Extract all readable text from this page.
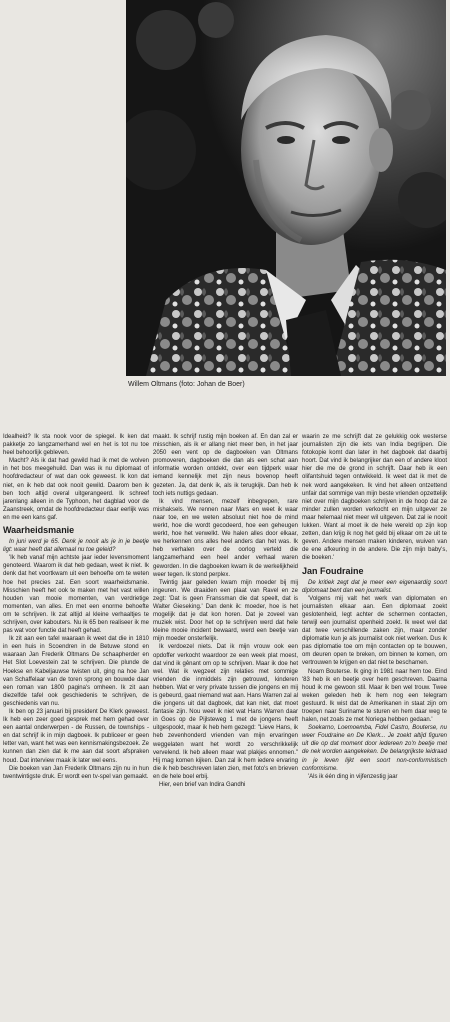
Willem Oltmans (foto: Johan de Boer)

Idealheid? Ik sta nook voor de spiegel. Ik ken dat pakketje zo langzamerhand wel en het is tot nu toe heel behoorlijk gebleven.

Macht? Als ik dat had gewild had ik met de wolven in het bos meegehuild. Dan was ik nu diplomaat of hoofdredacteur of wat dan ook geweest. Ik kon dat niet, en ik heb dat ook nooit gewild. Daarom ben ik ben toch altijd overal uitgerangeerd. Ik schreef jarenlang alleen in de Typhoon, het dagblad voor de Zaanstreek, omdat de hoofdredacteur daar eerlijk was en me een kans gaf.

Waarheidsmanie

In juni werd je 65. Denk je nooit als je in je beetje ligt: waar heeft dat allemaal nu toe geleid?

'Ik heb vanaf mijn achtste jaar ieder levensmoment genoteerd. Waarom ik dat heb gedaan, weet ik niet. Ik denk dat het voortkwam uit een behoefte om te weten hoe het precies zat. Een soort waarheidsmanie. Misschien heeft het ook te maken met het vast willen houden van mooie momenten, van verdrietige momenten, van alles. En met een enorme behoefte om te schrijven. Ik zat altijd al kleine verhaaltjes te schrijven, over kabouters. Nu ik 65 ben realiseer ik me pas wat voor functie dat heeft gehad.

Ik zit aan een tafel waaraan ik weet dat die in 1810 in een huis in Scoendren in de Betuwe stond en waaraan Jan Frederik Oltmans De schaapherder en Het Slot Loevestein zat te schrijven. Die plunde de Hoekse en Kabeljauwse twisten uit, ging na hoe Jan van Schaffelaar van de toren sprong en bouwde daar een roman van 1800 pagina's omheen. Ik zit aan diezelfde tafel ook geschiedenis te schrijven, de geschiedenis van nu.

Ik ben op 23 januari bij president De Klerk geweest. Ik heb een zeer goed gesprek met hem gehad over een aantal onderwerpen - de Russen, de townships - en dat schrijf ik in mijn dagboek. Ik publiceer er geen letter van, want het was een kennismakingsbezoek. Ze kunnen dan zien dat ik me aan dat soort afspraken houd. Dat interview maak ik later wel eens.

Die boeken van Jan Frederik Oltmans zijn nu in hun twentwintigste druk. Er wordt een tv-spel van gemaakt.

maakt. Ik schrijf rustig mijn boeken af. En dan zal er misschien, als ik er allang niet meer ben, in het jaar 2050 een vent op de dagboeken van Oltmans promoveren, dagboeken die dan als een schat aan informatie worden ontdekt, over een tijdperk waar iemand kennelijk met zijn neus bovenop heeft gezeten. Ja, dat denk ik, als ik terugkijk. Dan heb ik toch iets nuttigs gedaan.

Ik vind mensen, mezelf inbegrepen, rare mishaksels. We rennen naar Mars en weet ik waar naar toe, en we weten absoluut niet hoe de mind werkt, hoe die wordt gecodeerd, hoe een geheugen werkt, hoe het verwelkt. We halen alles door elkaar, we herkennen ons alles heel anders dan het was. Ik heb verhalen over de oorlog verteld die langzamerhand een heel ander verhaal waren geworden. In die dagboeken kwam ik de werkelijkheid weer tegen. Ik stond perplex.

Twintig jaar geleden kwam mijn moeder bij mij ingeuren. We draaiden een plaat van Ravel en ze zegt: 'Dat is geen Franssman die dat speelt, dat is Walter Gieseking.' Dan denk ik: moeder, hoe is het mogelijk dat je dat kon horen. Dat je zoveel van muziek wist. Door het op te schrijven werd dat hele kleine mooie incident bewaard, werd een beetje van mijn moeder onsterfelijk.

Ik verdoezel niets. Dat ik mijn vrouw ook een opdoffer verkocht waardoor ze een week plat moest, dat vind ik gênant om op te schrijven. Maar ik doe het wel. Wat ik wegzeet zijn relaties met sommige vrienden die inmiddels zijn getrouwd, kinderen hebben. Wat er very private tussen die jongens en mij is gebeurd, gaat niemand wat aan. Hans Warren zal al die jongens uit dat dagboek, dat kan niet, dat moet fantasie zijn. Nou weet ik niet wat Hans Warren daar in Goes op de Pijlsteweg 1 met de jongens heeft uitgespookt, maar ik heb hem gezegd: "Lieve Hans, ik heb zevenhonderd vrienden van mijn ervaringen weggelaten want het wordt zo verschrikkelijk vervelend. Ik heb alleen maar wat plakjes ennomen." Hij mag komen kijken. Dan zal ik hem iedere ervaring die ik heb beschreven laten zien, met foto's en brieven en de hele boel erbij.

Hier, een brief van Indira Gandhi

waarin ze me schrijft dat ze gelukkig ook westerse journalisten zijn die iets van India begrijpen. Die fotokopie komt dan later in het dagboek dat daarbij hoort. Dat vind ik belangrijker dan een of andere kloot hier die me de grond in schrijft. Daar heb ik een olifantshuid tegen ontwikkeld. Ik weet dat ik met de nek word aangekeken. Ik vind het alleen ontzettend unfair dat sommige van mijn beste vrienden opzettelijk niet over mijn dagboeken schrijven in de hoop dat ze minder zullen worden verkocht en mijn uitgever ze maar helemaal niet meer wil uitgeven. Dat zal ie nooit lukken. Want al moet ik de hele wereld op zijn kop zetten, dan krijg ik nog het geld bij elkaar om ze uit te geven. Andere mensen maken kinderen, wuiven van de ene afkeuring in de andere. Die zijn mijn baby's, die boeken.'

Jan Foudraine

De kritiek zegt dat je meer een eigenaardig soort diplomaat bent dan een journalist.

'Volgens mij valt het werk van diplomaten en journalisten elkaar aan. Een diplomaat zoekt geslotenheid, legt achter de schermen contacten, terwijl een journalist openheid zoekt. Ik weet wel dat dat twee verschillende zaken zijn, maar zonder diplomatie kun je als journalist ook niet werken. Dus ik pas diplomatie toe om mijn contacten op te bouwen, om deuren open te breken, om binnen te komen, om vertrouwen te krijgen en dat niet te beschamen.

Noam Bouterse. Ik ging in 1981 naar hem toe. Eind '83 heb ik en beetje over hem geschreven. Daarna houd ik me gewoon stil. Maar ik ben wel trouw. Twee weken geleden heb ik hem nog een telegram gestuurd. Ik wist dat de Amerikanen in staat zijn om troepen naar Suriname te sturen en hem daar weg te halen, net zoals ze met Noriega hebben gedaan.'

Soekarno, Loemoemba, Fidel Castro, Bouterse, nu weer Foudraine en De Klerk... Je zoekt altijd figuren uit die op dat moment door iedereen zo'n beetje met de nek worden aangekeken. De belangrijkste leidraad in je leven lijkt een soort non-conformistisch conformisme.

'Als ik één ding in vijfenzestig jaar
